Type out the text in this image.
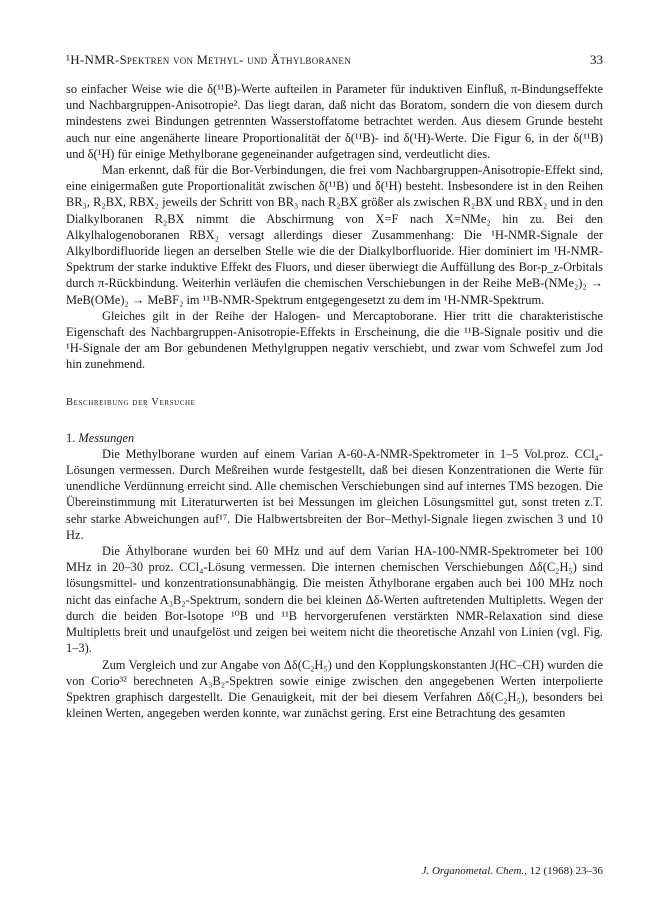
¹H-NMR-Spektren von Methyl- und Äthylboranen	33

so einfacher Weise wie die δ(¹¹B)-Werte aufteilen in Parameter für induktiven Einfluß, π-Bindungseffekte und Nachbargruppen-Anisotropie². Das liegt daran, daß nicht das Boratom, sondern die von diesem durch mindestens zwei Bindungen getrennten Wasserstoffatome betrachtet werden. Aus diesem Grunde besteht auch nur eine angenäherte lineare Proportionalität der δ(¹¹B)- ind δ(¹H)-Werte. Die Figur 6, in der δ(¹¹B) und δ(¹H) für einige Methylborane gegeneinander aufgetragen sind, verdeutlicht dies.

Man erkennt, daß für die Bor-Verbindungen, die frei vom Nachbargruppen-Anisotropie-Effekt sind, eine einigermaßen gute Proportionalität zwischen δ(¹¹B) und δ(¹H) besteht. Insbesondere ist in den Reihen BR₃, R₂BX, RBX₂ jeweils der Schritt von BR₃ nach R₂BX größer als zwischen R₂BX und RBX₂ und in den Dialkylboranen R₂BX nimmt die Abschirmung von X=F nach X=NMe₂ hin zu. Bei den Alkylhalogenoboranen RBX₂ versagt allerdings dieser Zusammenhang: Die ¹H-NMR-Signale der Alkylbordifluoride liegen an derselben Stelle wie die der Dialkylborfluoride. Hier dominiert im ¹H-NMR-Spektrum der starke induktive Effekt des Fluors, und dieser überwiegt die Auffüllung des Bor-p_z-Orbitals durch π-Rückbindung. Weiterhin verläufen die chemischen Verschiebungen in der Reihe MeB-(NMe₂)₂ → MeB(OMe)₂ → MeBF₂ im ¹¹B-NMR-Spektrum entgegengesetzt zu dem im ¹H-NMR-Spektrum.

Gleiches gilt in der Reihe der Halogen- und Mercaptoborane. Hier tritt die charakteristische Eigenschaft des Nachbargruppen-Anisotropie-Effekts in Erscheinung, die die ¹¹B-Signale positiv und die ¹H-Signale der am Bor gebundenen Methylgruppen negativ verschiebt, und zwar vom Schwefel zum Jod hin zunehmend.

Beschreibung der Versuche
1. Messungen

Die Methylborane wurden auf einem Varian A-60-A-NMR-Spektrometer in 1–5 Vol.proz. CCl₄-Lösungen vermessen. Durch Meßreihen wurde festgestellt, daß bei diesen Konzentrationen die Werte für unendliche Verdünnung erreicht sind. Alle chemischen Verschiebungen sind auf internes TMS bezogen. Die Übereinstimmung mit Literaturwerten ist bei Messungen im gleichen Lösungsmittel gut, sonst treten z.T. sehr starke Abweichungen auf¹⁷. Die Halbwertsbreiten der Bor–Methyl-Signale liegen zwischen 3 und 10 Hz.

Die Äthylborane wurden bei 60 MHz und auf dem Varian HA-100-NMR-Spektrometer bei 100 MHz in 20–30 proz. CCl₄-Lösung vermessen. Die internen chemischen Verschiebungen Δδ(C₂H₅) sind lösungsmittel- und konzentrationsunabhängig. Die meisten Äthylborane ergaben auch bei 100 MHz noch nicht das einfache A₃B₂-Spektrum, sondern die bei kleinen Δδ-Werten auftretenden Multipletts. Wegen der durch die beiden Bor-Isotope ¹⁰B und ¹¹B hervorgerufenen verstärkten NMR-Relaxation sind diese Multipletts breit und unaufgelöst und zeigen bei weitem nicht die theoretische Anzahl von Linien (vgl. Fig. 1–3).

Zum Vergleich und zur Angabe von Δδ(C₂H₅) und den Kopplungskonstanten J(HC–CH) wurden die von Corio³² berechneten A₃B₂-Spektren sowie einige zwischen den angegebenen Werten interpolierte Spektren graphisch dargestellt. Die Genauigkeit, mit der bei diesem Verfahren Δδ(C₂H₅), besonders bei kleinen Werten, angegeben werden konnte, war zunächst gering. Erst eine Betrachtung des gesamten

J. Organometal. Chem., 12 (1968) 23–36
